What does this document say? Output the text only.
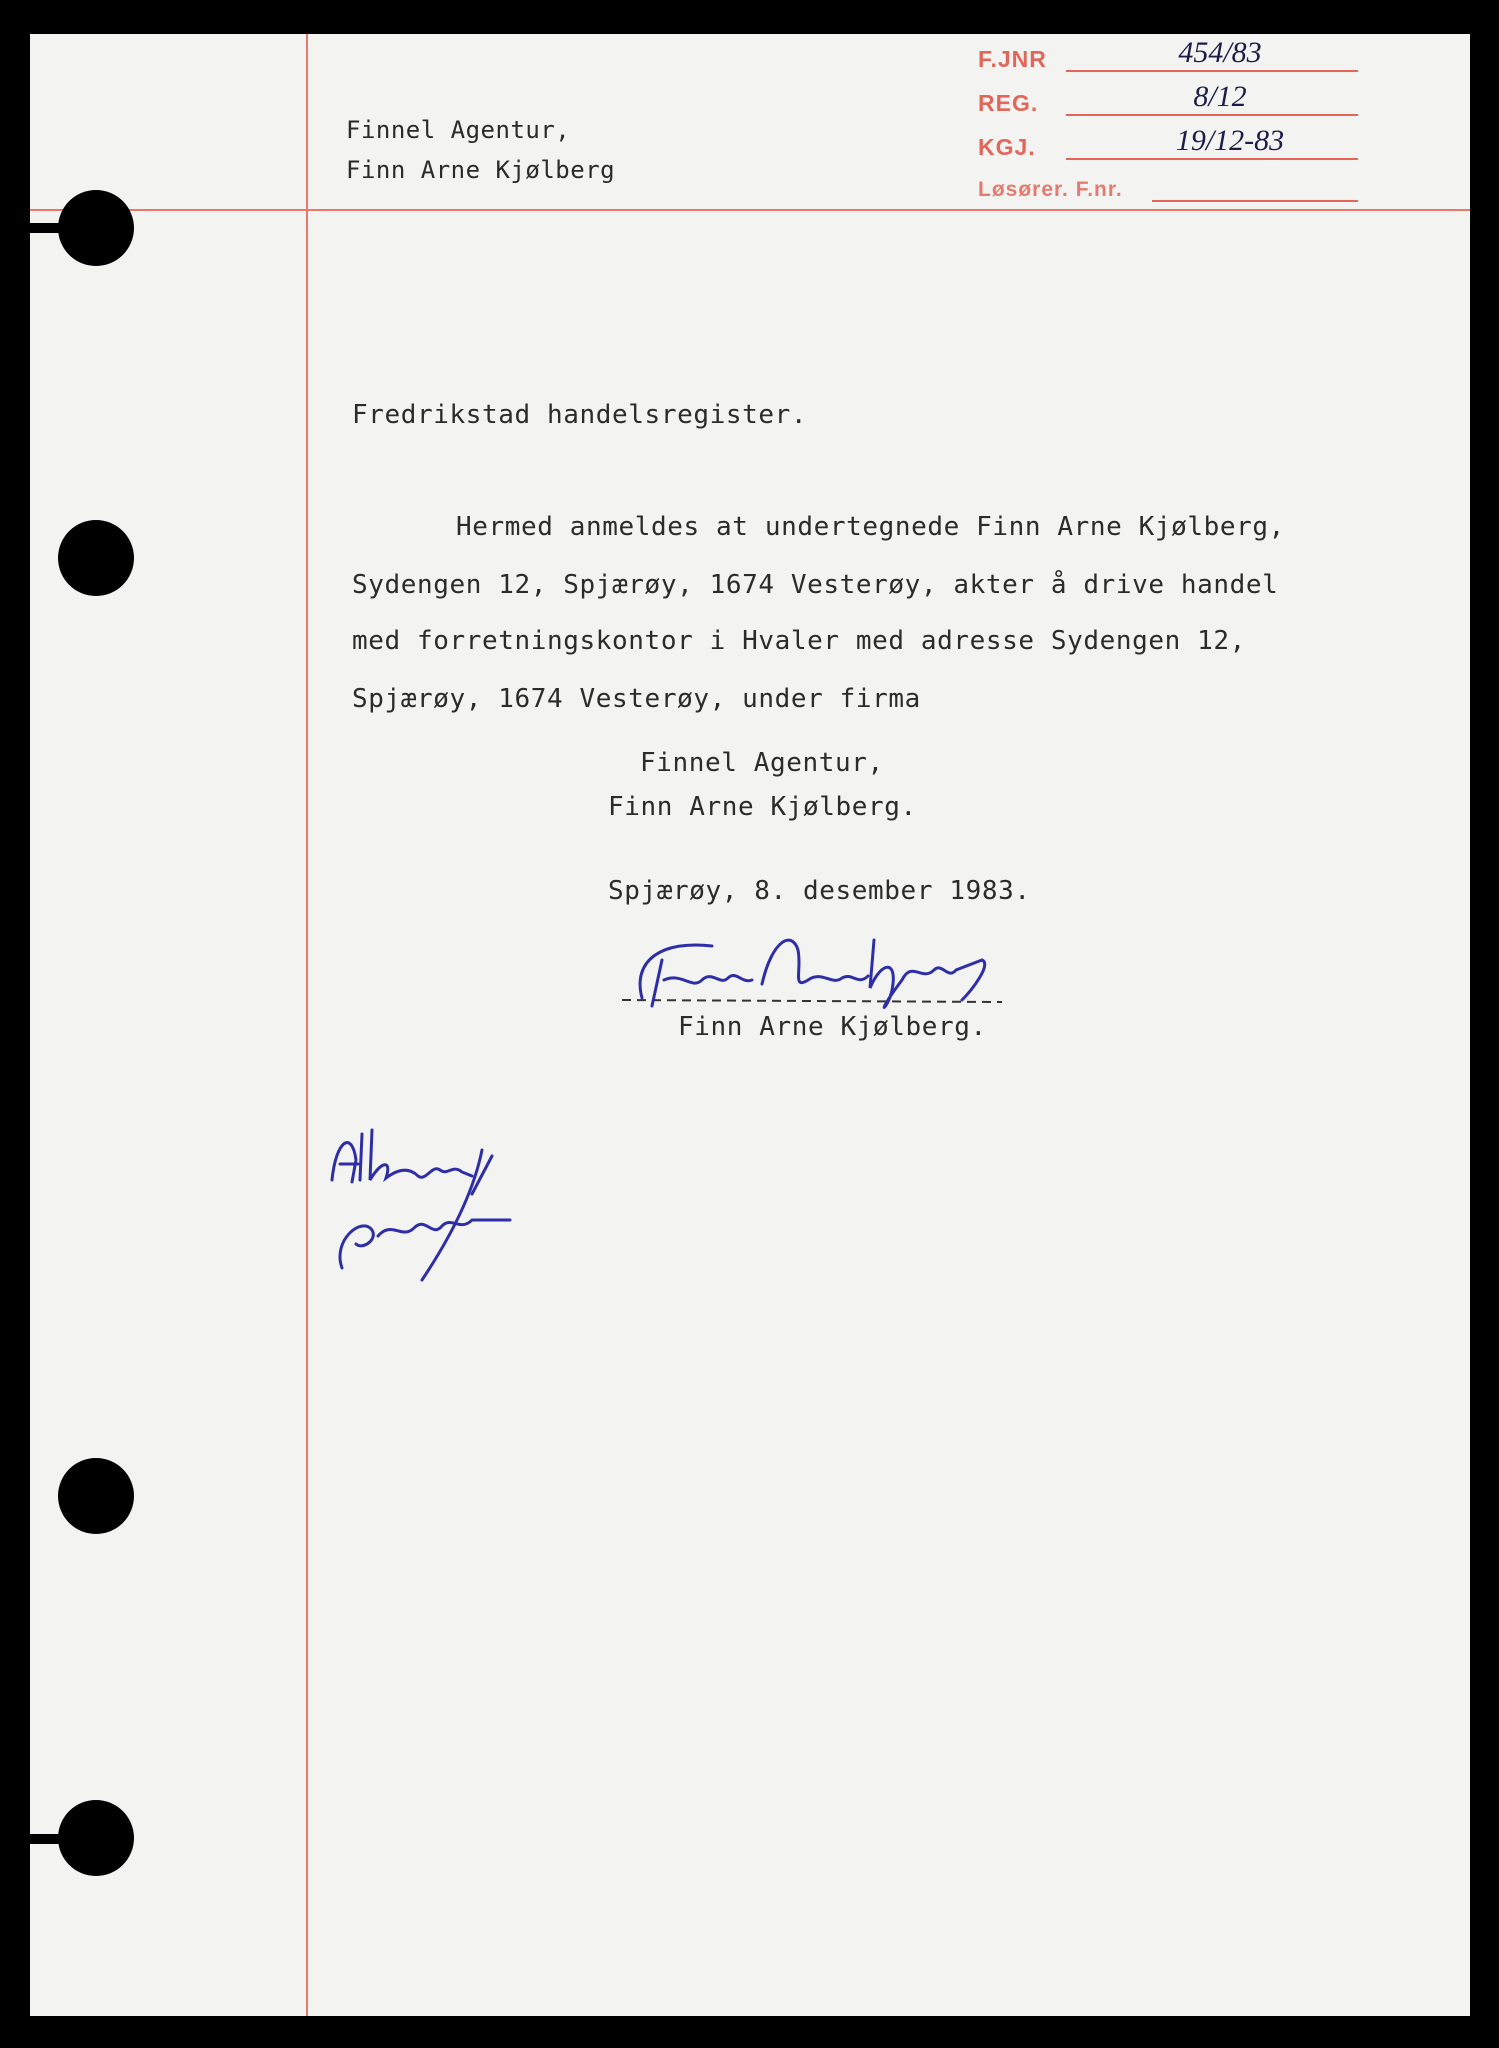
Finnel Agentur,
Finn Arne Kjølberg
F.JNR	454/83
REG.	8/12
KGJ.	19/12-83
Løsører. F.nr.
Fredrikstad handelsregister.
Hermed anmeldes at undertegnede Finn Arne Kjølberg,
Sydengen 12, Spjærøy, 1674 Vesterøy, akter å drive handel
med forretningskontor i Hvaler med adresse Sydengen 12,
Spjærøy, 1674 Vesterøy, under firma
Finnel Agentur,
Finn Arne Kjølberg.
Spjærøy, 8. desember 1983.
Finn Arne Kjølberg.
